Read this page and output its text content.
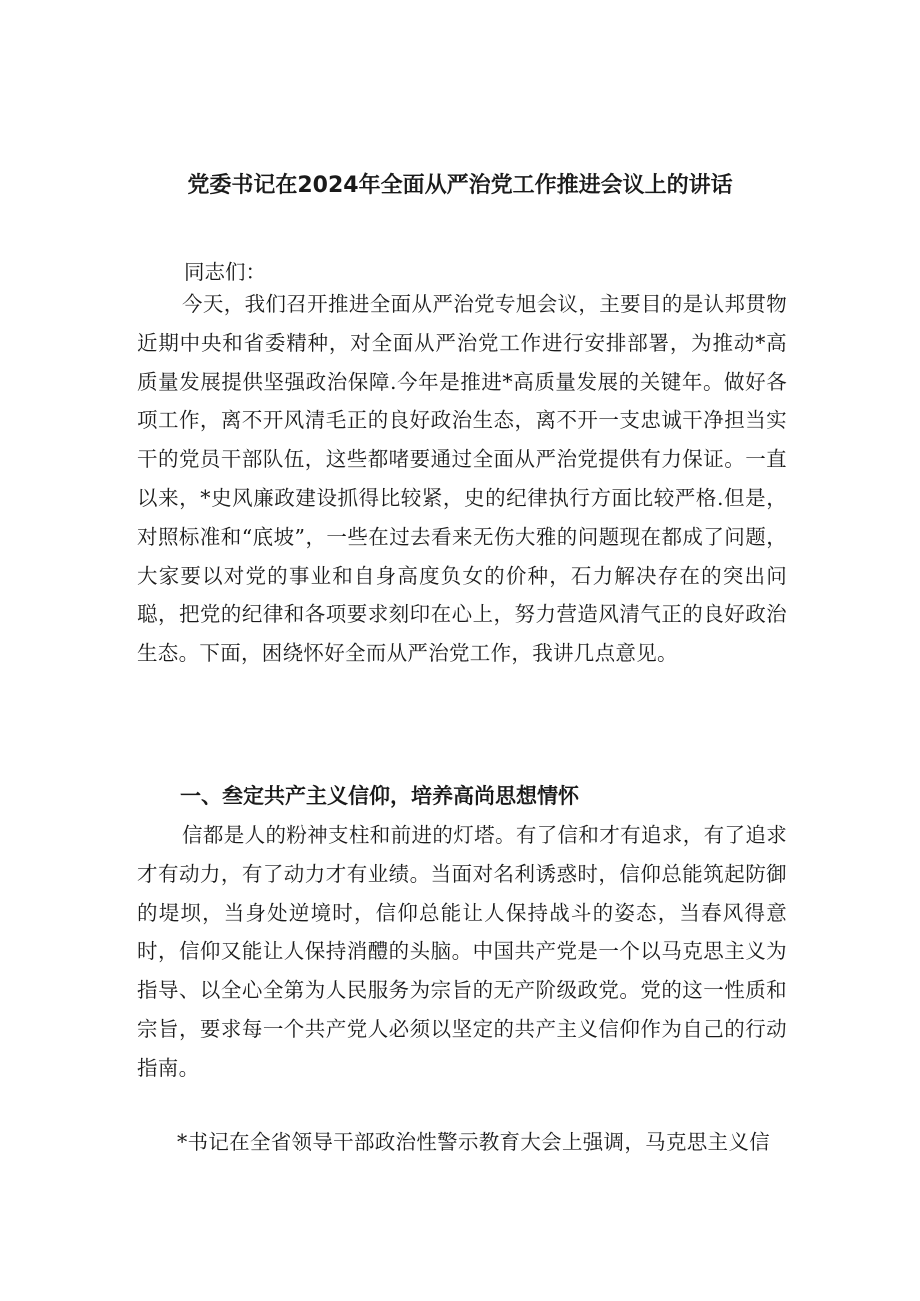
党委书记在2024年全面从严治党工作推进会议上的讲话
同志们：

今天，我们召开推进全面从严治党专旭会议，主要目的是认邦贯物近期中央和省委精种，对全面从严治党工作进行安排部署，为推动*高质量发展提供坚强政治保障.今年是推进*高质量发展的关键年。做好各项工作，离不开风清毛正的良好政治生态，离不开一支忠诚干净担当实干的党员干部队伍，这些都啫要通过全面从严治党提供有力保证。一直以来，*史风廉政建设抓得比较紧，史的纪律执行方面比较严格.但是，对照标准和“底坡”，一些在过去看来无伤大雅的问题现在都成了问题，大家要以对党的事业和自身高度负女的价种，石力解决存在的突出问聪，把党的纪律和各项要求刻印在心上，努力营造风清气正的良好政治生态。下面，困绕怀好全而从严治党工作，我讲几点意见。

一、叁定共产主义信仰，培养高尚思想情怀

信都是人的粉神支柱和前进的灯塔。有了信和才有追求，有了追求才有动力，有了动力才有业绩。当面对名利诱惑时，信仰总能筑起防御的堤坝，当身处逆境时，信仰总能让人保持战斗的姿态，当春风得意时，信仰又能让人保持消醴的头脑。中国共产党是一个以马克思主义为指导、以全心全第为人民服务为宗旨的无产阶级政党。党的这一性质和宗旨，要求每一个共产党人必须以坚定的共产主义信仰作为自己的行动指南。

*书记在全省领导干部政治性警示教育大会上强调，马克思主义信
